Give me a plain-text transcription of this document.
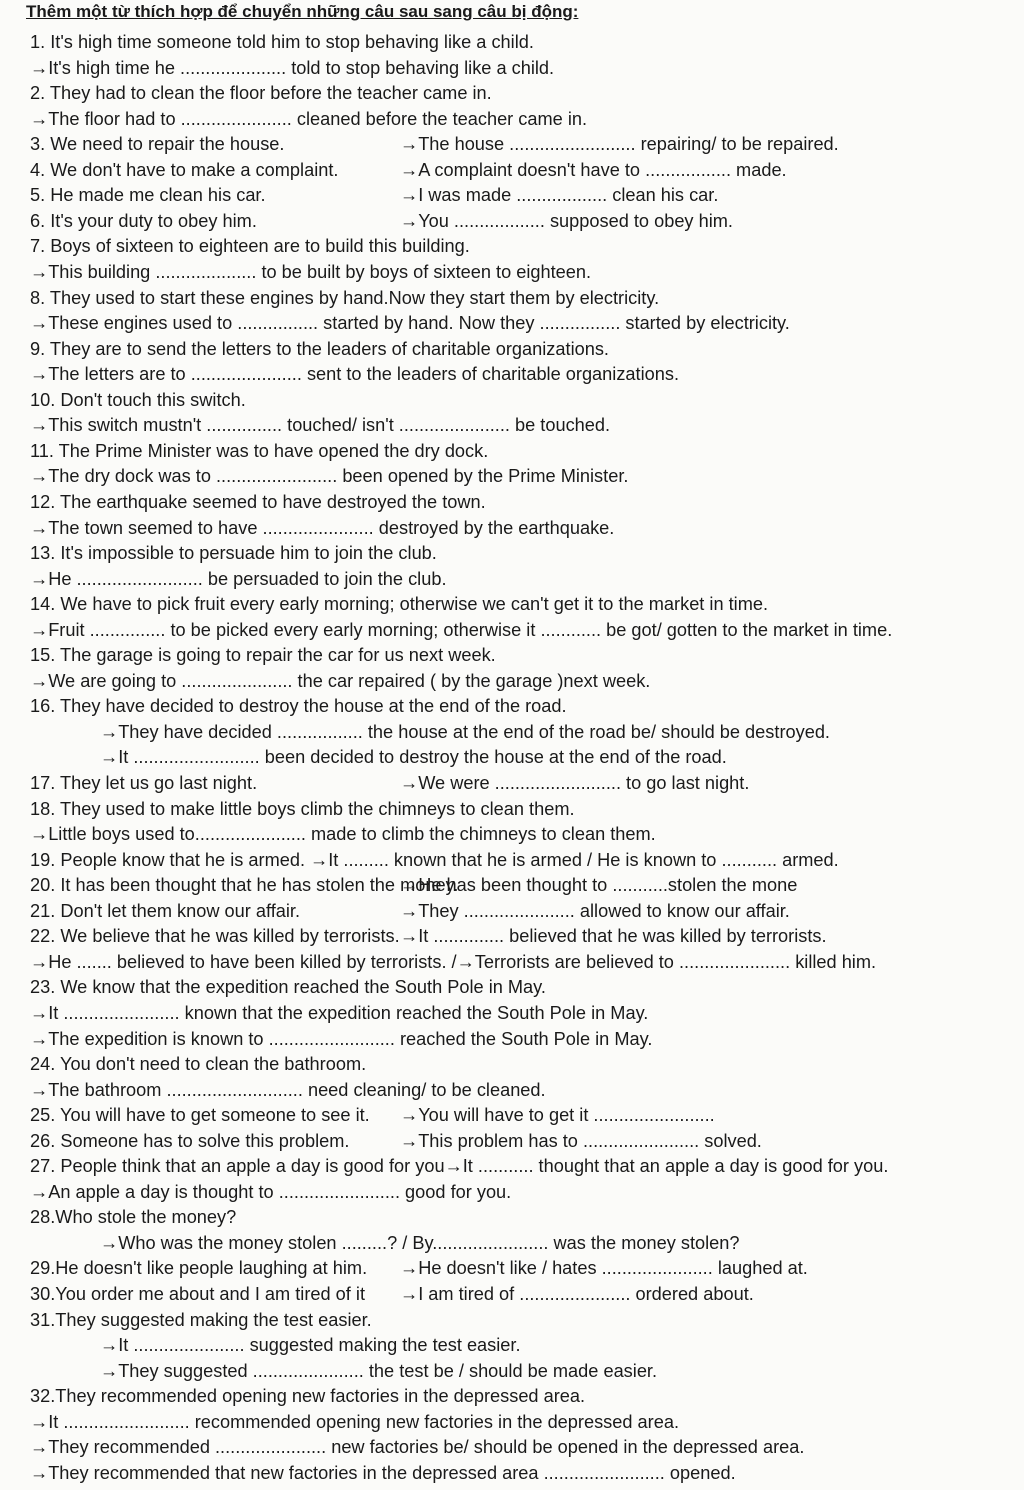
Thêm một từ thích hợp để chuyển những câu sau sang câu bị động:
1. It's high time someone told him to stop behaving like a child.
→It's high time he ..................... told to stop behaving like a child.
2. They had to clean the floor before the teacher came in.
→The floor had to ...................... cleaned before the teacher came in.
3. We need to repair the house.	→The house ......................... repairing/ to be repaired.
4. We don't have to make a complaint.	→A complaint doesn't have to ................. made.
5. He made me clean his car.	→I was made .................. clean his car.
6. It's your duty to obey him.	→You .................. supposed to obey him.
7. Boys of sixteen to eighteen are to build this building.
→This building .................... to be built by boys of sixteen to eighteen.
8. They used to start these engines by hand.Now they start them by electricity.
→These engines used to ................ started by hand. Now they ................ started by electricity.
9. They are to send the letters to the leaders of charitable organizations.
→The letters are to ...................... sent to the leaders of charitable organizations.
10. Don't touch this switch.
→This switch mustn't ............... touched/ isn't ...................... be touched.
11. The Prime Minister was to have opened the dry dock.
→The dry dock was to ........................ been opened by the Prime Minister.
12. The earthquake seemed to have destroyed the town.
→The town seemed to have ...................... destroyed by the earthquake.
13. It's impossible to persuade him to join the club.
→He ......................... be persuaded to join the club.
14. We have to pick fruit every early morning; otherwise we can't get it to the market in time.
→Fruit ............... to be picked every early morning; otherwise it ............ be got/ gotten to the market in time.
15. The garage is going to repair the car for us next week.
→We are going to ...................... the car repaired ( by the garage )next week.
16. They have decided to destroy the house at the end of the road.
→They have decided ................. the house at the end of the road be/ should be destroyed.
→It ......................... been decided to destroy the house at the end of the road.
17. They let us go last night.	→We were ......................... to go last night.
18. They used to make little boys climb the chimneys to clean them.
→Little boys used to...................... made to climb the chimneys to clean them.
19. People know that he is armed. →It ......... known that he is armed / He is known to ........... armed.
20. It has been thought that he has stolen the money.
→He has been thought to ...........stolen the mone
21. Don't let them know our affair.	→They ...................... allowed to know our affair.
22. We believe that he was killed by terrorists. →It .............. believed that he was killed by terrorists.
→He ....... believed to have been killed by terrorists. /→Terrorists are believed to ...................... killed him.
23. We know that the expedition reached the South Pole in May.
→It ....................... known that the expedition reached the South Pole in May.
→The expedition is known to ......................... reached the South Pole in May.
24. You don't need to clean the bathroom.
→The bathroom ........................... need cleaning/ to be cleaned.
25. You will have to get someone to see it. →You will have to get it ........................
26. Someone has to solve this problem.	→This problem has to ....................... solved.
27. People think that an apple a day is good for you→It ........... thought that an apple a day is good for you.
→An apple a day is thought to ........................ good for you.
28.Who stole the money?
→Who was the money stolen .........? / By....................... was the money stolen?
29.He doesn't like people laughing at him. →He doesn't like / hates ...................... laughed at.
30.You order me about and I am tired of it →I am tired of ...................... ordered about.
31.They suggested making the test easier.
→It ...................... suggested making the test easier.
→They suggested ...................... the test be / should be made easier.
32.They recommended opening new factories in the depressed area.
→It ......................... recommended opening new factories in the depressed area.
→They recommended ...................... new factories be/ should be opened in the depressed area.
→They recommended that new factories in the depressed area ........................ opened.
